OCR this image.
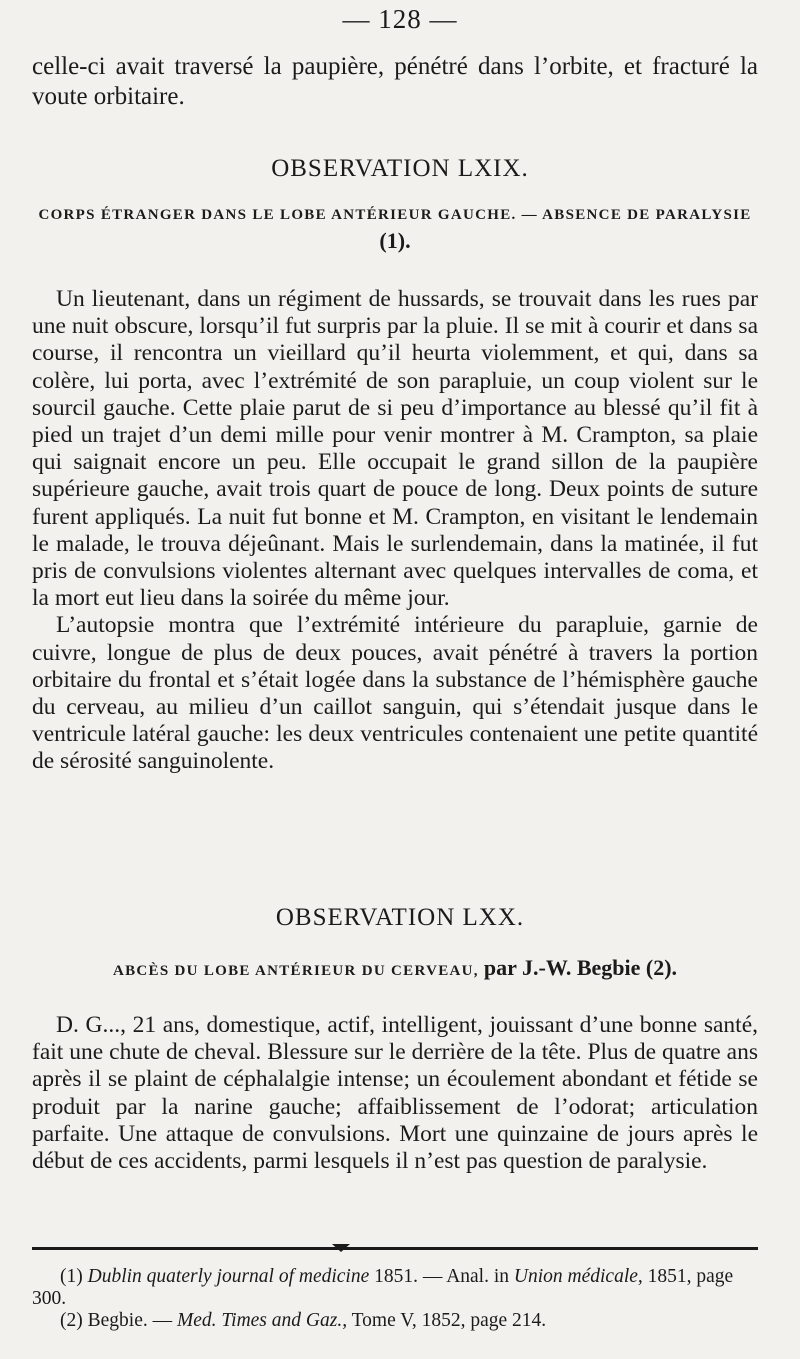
— 128 —
celle-ci avait traversé la paupière, pénétré dans l’orbite, et fracturé la voute orbitaire.
OBSERVATION LXIX.
CORPS ÉTRANGER DANS LE LOBE ANTÉRIEUR GAUCHE. — ABSENCE DE PARALYSIE (1).

Un lieutenant, dans un régiment de hussards, se trouvait dans les rues par une nuit obscure, lorsqu’il fut surpris par la pluie. Il se mit à courir et dans sa course, il rencontra un vieillard qu’il heurta violemment, et qui, dans sa colère, lui porta, avec l’extrémité de son parapluie, un coup violent sur le sourcil gauche. Cette plaie parut de si peu d’importance au blessé qu’il fit à pied un trajet d’un demi mille pour venir montrer à M. Crampton, sa plaie qui saignait encore un peu. Elle occupait le grand sillon de la paupière supérieure gauche, avait trois quart de pouce de long. Deux points de suture furent appliqués. La nuit fut bonne et M. Crampton, en visitant le lendemain le malade, le trouva déjeûnant. Mais le surlendemain, dans la matinée, il fut pris de convulsions violentes alternant avec quelques intervalles de coma, et la mort eut lieu dans la soirée du même jour.

L’autopsie montra que l’extrémité intérieure du parapluie, garnie de cuivre, longue de plus de deux pouces, avait pénétré à travers la portion orbitaire du frontal et s’était logée dans la substance de l’hémisphère gauche du cerveau, au milieu d’un caillot sanguin, qui s’étendait jusque dans le ventricule latéral gauche: les deux ventricules contenaient une petite quantité de sérosité sanguinolente.

OBSERVATION LXX.
ABCÈS DU LOBE ANTÉRIEUR DU CERVEAU, par J.-W. Begbie (2).

D. G..., 21 ans, domestique, actif, intelligent, jouissant d’une bonne santé, fait une chute de cheval. Blessure sur le derrière de la tête. Plus de quatre ans après il se plaint de céphalalgie intense; un écoulement abondant et fétide se produit par la narine gauche; affaiblissement de l’odorat; articulation parfaite. Une attaque de convulsions. Mort une quinzaine de jours après le début de ces accidents, parmi lesquels il n’est pas question de paralysie.

(1) Dublin quaterly journal of medicine 1851. — Anal. in Union médicale, 1851, page 300.

(2) Begbie. — Med. Times and Gaz., Tome V, 1852, page 214.
